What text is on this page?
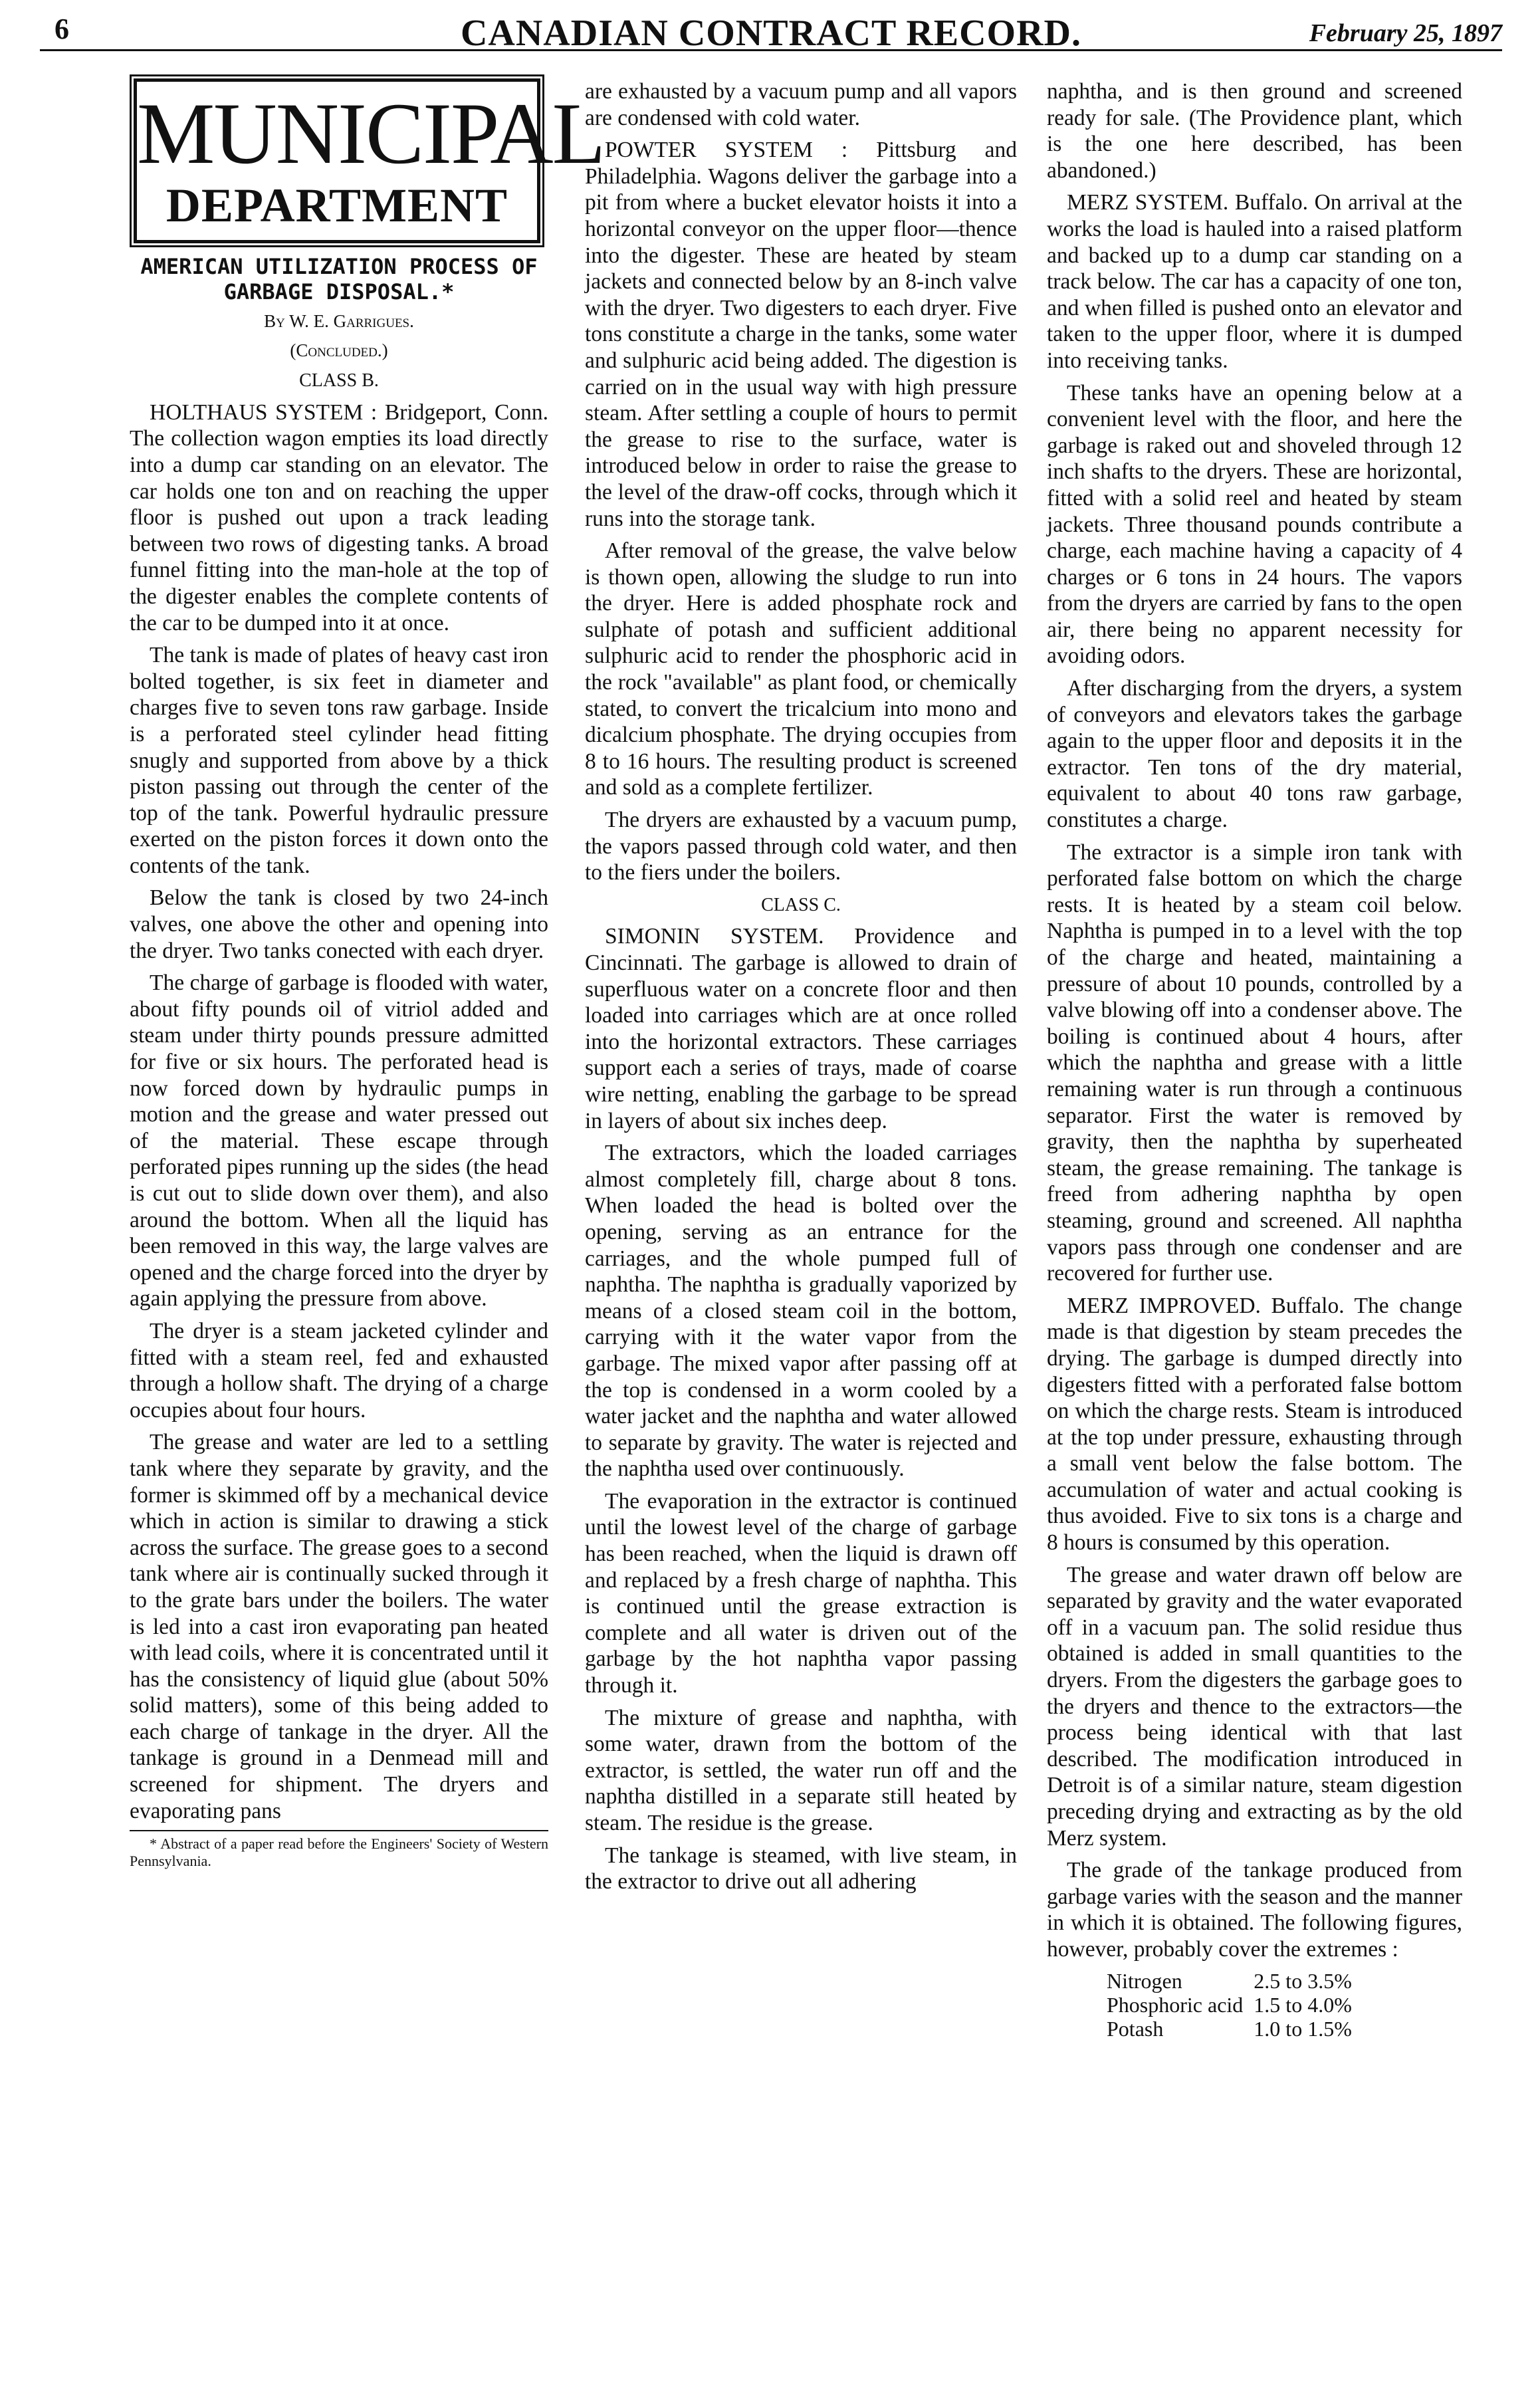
6	CANADIAN CONTRACT RECORD.	February 25, 1897
MUNICIPAL
DEPARTMENT
AMERICAN UTILIZATION PROCESS OF GARBAGE DISPOSAL.*
By W. E. Garrigues.
(Concluded.)
CLASS B.

HOLTHAUS SYSTEM : Bridgeport, Conn. The collection wagon empties its load directly into a dump car standing on an elevator. The car holds one ton and on reaching the upper floor is pushed out upon a track leading between two rows of digesting tanks. A broad funnel fitting into the man-hole at the top of the digester enables the complete contents of the car to be dumped into it at once.

The tank is made of plates of heavy cast iron bolted together, is six feet in diameter and charges five to seven tons raw garbage. Inside is a perforated steel cylinder head fitting snugly and supported from above by a thick piston passing out through the center of the top of the tank. Powerful hydraulic pressure exerted on the piston forces it down onto the contents of the tank.

Below the tank is closed by two 24-inch valves, one above the other and opening into the dryer. Two tanks conected with each dryer.

The charge of garbage is flooded with water, about fifty pounds oil of vitriol added and steam under thirty pounds pressure admitted for five or six hours. The perforated head is now forced down by hydraulic pumps in motion and the grease and water pressed out of the material. These escape through perforated pipes running up the sides (the head is cut out to slide down over them), and also around the bottom. When all the liquid has been removed in this way, the large valves are opened and the charge forced into the dryer by again applying the pressure from above.

The dryer is a steam jacketed cylinder and fitted with a steam reel, fed and exhausted through a hollow shaft. The drying of a charge occupies about four hours.

The grease and water are led to a settling tank where they separate by gravity, and the former is skimmed off by a mechanical device which in action is similar to drawing a stick across the surface. The grease goes to a second tank where air is continually sucked through it to the grate bars under the boilers. The water is led into a cast iron evaporating pan heated with lead coils, where it is concentrated until it has the consistency of liquid glue (about 50% solid matters), some of this being added to each charge of tankage in the dryer. All the tankage is ground in a Denmead mill and screened for shipment. The dryers and evaporating pans

* Abstract of a paper read before the Engineers' Society of Western Pennsylvania.

are exhausted by a vacuum pump and all vapors are condensed with cold water.

POWTER SYSTEM : Pittsburg and Philadelphia. Wagons deliver the garbage into a pit from where a bucket elevator hoists it into a horizontal conveyor on the upper floor—thence into the digester. These are heated by steam jackets and connected below by an 8-inch valve with the dryer. Two digesters to each dryer. Five tons constitute a charge in the tanks, some water and sulphuric acid being added. The digestion is carried on in the usual way with high pressure steam. After settling a couple of hours to permit the grease to rise to the surface, water is introduced below in order to raise the grease to the level of the draw-off cocks, through which it runs into the storage tank.

After removal of the grease, the valve below is thown open, allowing the sludge to run into the dryer. Here is added phosphate rock and sulphate of potash and sufficient additional sulphuric acid to render the phosphoric acid in the rock "available" as plant food, or chemically stated, to convert the tricalcium into mono and dicalcium phosphate. The drying occupies from 8 to 16 hours. The resulting product is screened and sold as a complete fertilizer.

The dryers are exhausted by a vacuum pump, the vapors passed through cold water, and then to the fiers under the boilers.

CLASS C.

SIMONIN SYSTEM. Providence and Cincinnati. The garbage is allowed to drain of superfluous water on a concrete floor and then loaded into carriages which are at once rolled into the horizontal extractors. These carriages support each a series of trays, made of coarse wire netting, enabling the garbage to be spread in layers of about six inches deep.

The extractors, which the loaded carriages almost completely fill, charge about 8 tons. When loaded the head is bolted over the opening, serving as an entrance for the carriages, and the whole pumped full of naphtha. The naphtha is gradually vaporized by means of a closed steam coil in the bottom, carrying with it the water vapor from the garbage. The mixed vapor after passing off at the top is condensed in a worm cooled by a water jacket and the naphtha and water allowed to separate by gravity. The water is rejected and the naphtha used over continuously.

The evaporation in the extractor is continued until the lowest level of the charge of garbage has been reached, when the liquid is drawn off and replaced by a fresh charge of naphtha. This is continued until the grease extraction is complete and all water is driven out of the garbage by the hot naphtha vapor passing through it.

The mixture of grease and naphtha, with some water, drawn from the bottom of the extractor, is settled, the water run off and the naphtha distilled in a separate still heated by steam. The residue is the grease.

The tankage is steamed, with live steam, in the extractor to drive out all adhering

naphtha, and is then ground and screened ready for sale. (The Providence plant, which is the one here described, has been abandoned.)

MERZ SYSTEM. Buffalo. On arrival at the works the load is hauled into a raised platform and backed up to a dump car standing on a track below. The car has a capacity of one ton, and when filled is pushed onto an elevator and taken to the upper floor, where it is dumped into receiving tanks.

These tanks have an opening below at a convenient level with the floor, and here the garbage is raked out and shoveled through 12 inch shafts to the dryers. These are horizontal, fitted with a solid reel and heated by steam jackets. Three thousand pounds contribute a charge, each machine having a capacity of 4 charges or 6 tons in 24 hours. The vapors from the dryers are carried by fans to the open air, there being no apparent necessity for avoiding odors.

After discharging from the dryers, a system of conveyors and elevators takes the garbage again to the upper floor and deposits it in the extractor. Ten tons of the dry material, equivalent to about 40 tons raw garbage, constitutes a charge.

The extractor is a simple iron tank with perforated false bottom on which the charge rests. It is heated by a steam coil below. Naphtha is pumped in to a level with the top of the charge and heated, maintaining a pressure of about 10 pounds, controlled by a valve blowing off into a condenser above. The boiling is continued about 4 hours, after which the naphtha and grease with a little remaining water is run through a continuous separator. First the water is removed by gravity, then the naphtha by superheated steam, the grease remaining. The tankage is freed from adhering naphtha by open steaming, ground and screened. All naphtha vapors pass through one condenser and are recovered for further use.

MERZ IMPROVED. Buffalo. The change made is that digestion by steam precedes the drying. The garbage is dumped directly into digesters fitted with a perforated false bottom on which the charge rests. Steam is introduced at the top under pressure, exhausting through a small vent below the false bottom. The accumulation of water and actual cooking is thus avoided. Five to six tons is a charge and 8 hours is consumed by this operation.

The grease and water drawn off below are separated by gravity and the water evaporated off in a vacuum pan. The solid residue thus obtained is added in small quantities to the dryers. From the digesters the garbage goes to the dryers and thence to the extractors—the process being identical with that last described. The modification introduced in Detroit is of a similar nature, steam digestion preceding drying and extracting as by the old Merz system.

The grade of the tankage produced from garbage varies with the season and the manner in which it is obtained. The following figures, however, probably cover the extremes :

Nitrogen	2.5 to 3.5%
Phosphoric acid	1.5 to 4.0%
Potash	1.0 to 1.5%
